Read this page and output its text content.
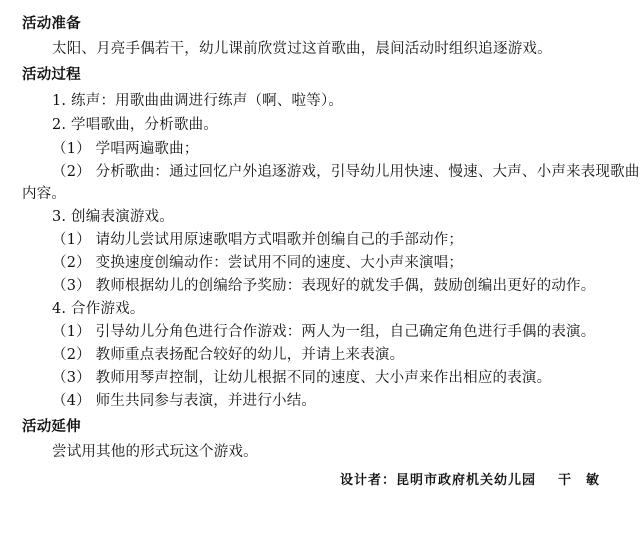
活动准备
太阳、月亮手偶若干，幼儿课前欣赏过这首歌曲，晨间活动时组织追逐游戏。
活动过程
1. 练声：用歌曲曲调进行练声（啊、啦等）。
2. 学唱歌曲，分析歌曲。
（1） 学唱两遍歌曲；
（2） 分析歌曲：通过回忆户外追逐游戏，引导幼儿用快速、慢速、大声、小声来表现歌曲
内容。
3. 创编表演游戏。
（1） 请幼儿尝试用原速歌唱方式唱歌并创编自己的手部动作；
（2） 变换速度创编动作：尝试用不同的速度、大小声来演唱；
（3） 教师根据幼儿的创编给予奖励：表现好的就发手偶，鼓励创编出更好的动作。
4. 合作游戏。
（1） 引导幼儿分角色进行合作游戏：两人为一组，自己确定角色进行手偶的表演。
（2） 教师重点表扬配合较好的幼儿，并请上来表演。
（3） 教师用琴声控制，让幼儿根据不同的速度、大小声来作出相应的表演。
（4） 师生共同参与表演，并进行小结。
活动延伸
尝试用其他的形式玩这个游戏。
设计者：昆明市政府机关幼儿园 干　敏
